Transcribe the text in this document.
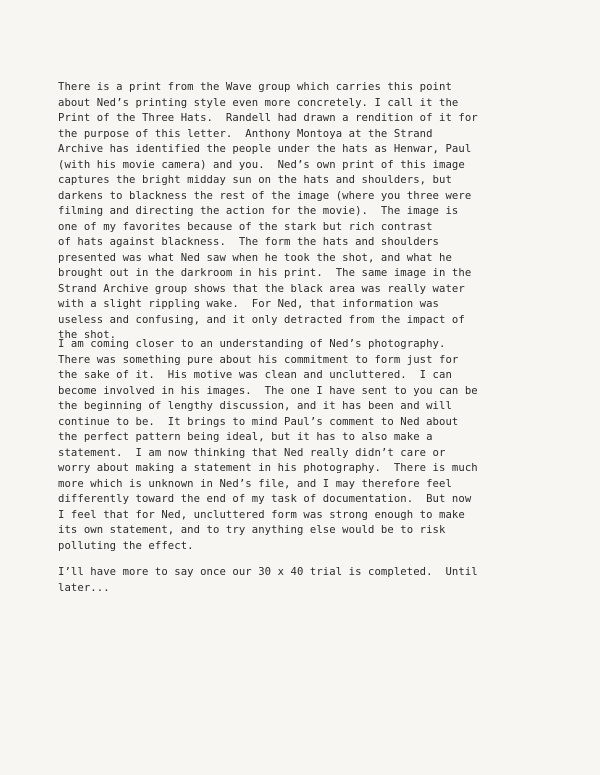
There is a print from the Wave group which carries this point
about Ned’s printing style even more concretely. I call it the
Print of the Three Hats.  Randell had drawn a rendition of it for
the purpose of this letter.  Anthony Montoya at the Strand
Archive has identified the people under the hats as Henwar, Paul
(with his movie camera) and you.  Ned’s own print of this image
captures the bright midday sun on the hats and shoulders, but
darkens to blackness the rest of the image (where you three were
filming and directing the action for the movie).  The image is
one of my favorites because of the stark but rich contrast
of hats against blackness.  The form the hats and shoulders
presented was what Ned saw when he took the shot, and what he
brought out in the darkroom in his print.  The same image in the
Strand Archive group shows that the black area was really water
with a slight rippling wake.  For Ned, that information was
useless and confusing, and it only detracted from the impact of
the shot.

I am coming closer to an understanding of Ned’s photography.
There was something pure about his commitment to form just for
the sake of it.  His motive was clean and uncluttered.  I can
become involved in his images.  The one I have sent to you can be
the beginning of lengthy discussion, and it has been and will
continue to be.  It brings to mind Paul’s comment to Ned about
the perfect pattern being ideal, but it has to also make a
statement.  I am now thinking that Ned really didn’t care or
worry about making a statement in his photography.  There is much
more which is unknown in Ned’s file, and I may therefore feel
differently toward the end of my task of documentation.  But now
I feel that for Ned, uncluttered form was strong enough to make
its own statement, and to try anything else would be to risk
polluting the effect.

I’ll have more to say once our 30 x 40 trial is completed.  Until
later...
